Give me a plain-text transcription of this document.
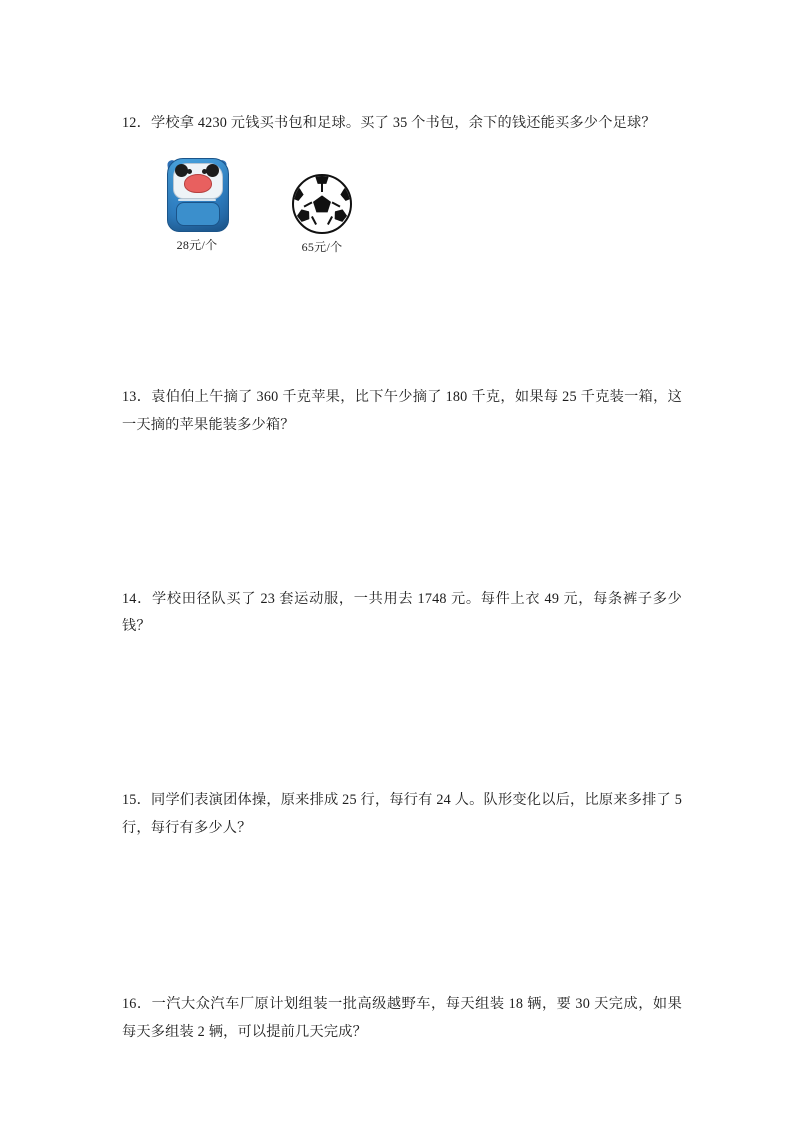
12．学校拿 4230 元钱买书包和足球。买了 35 个书包，余下的钱还能买多少个足球？

28元/个	65元/个

13．袁伯伯上午摘了 360 千克苹果，比下午少摘了 180 千克，如果每 25 千克装一箱，这一天摘的苹果能装多少箱？

14．学校田径队买了 23 套运动服，一共用去 1748 元。每件上衣 49 元，每条裤子多少钱？

15．同学们表演团体操，原来排成 25 行，每行有 24 人。队形变化以后，比原来多排了 5 行，每行有多少人？

16．一汽大众汽车厂原计划组装一批高级越野车，每天组装 18 辆，要 30 天完成，如果每天多组装 2 辆，可以提前几天完成？
